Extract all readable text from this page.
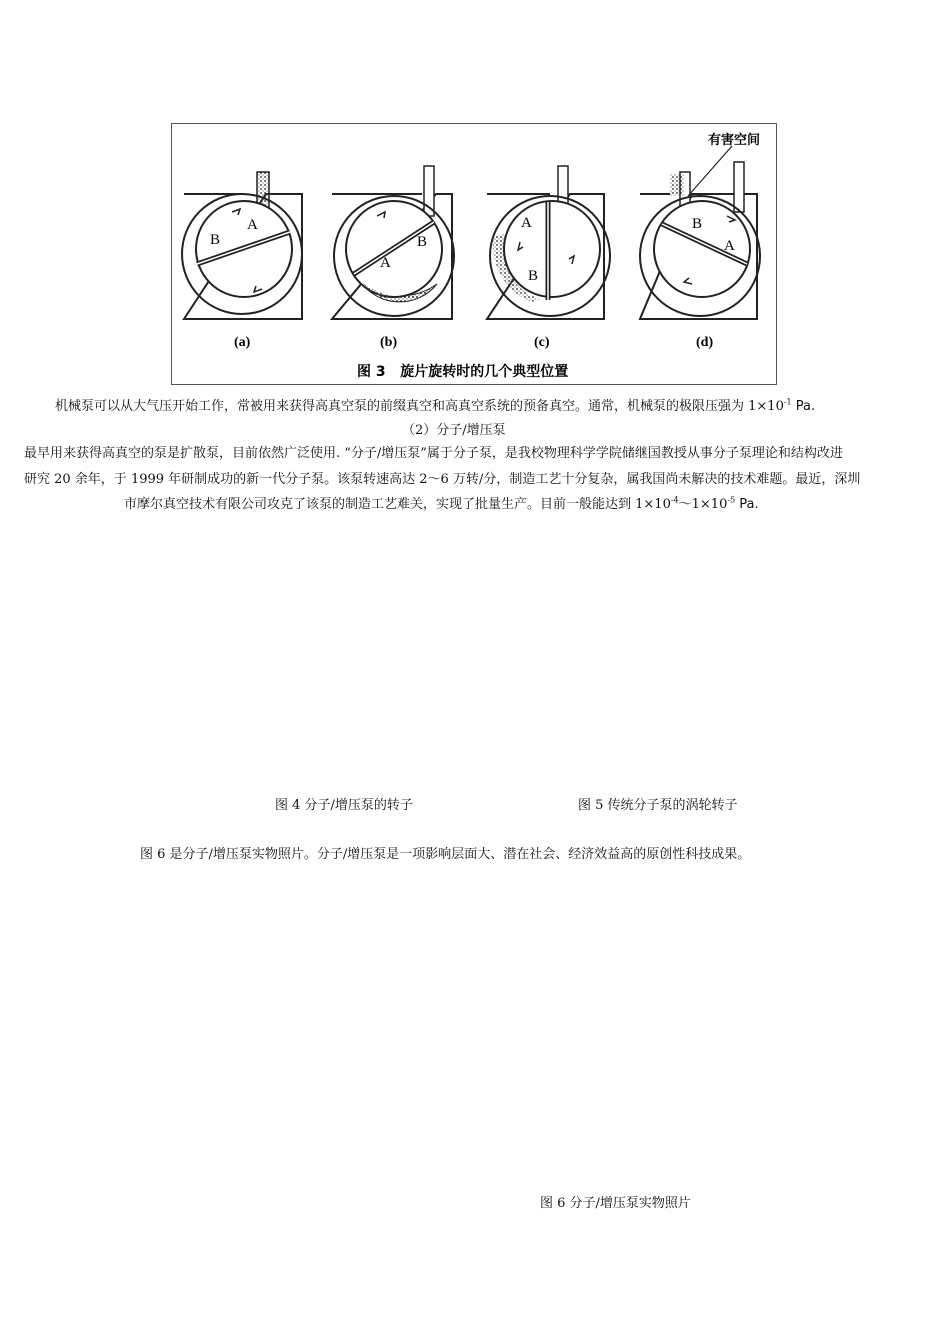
A
B	B
A
A
B
B
A
(a)	(b)	(c)	(d)
有害空间
图 3   旋片旋转时的几个典型位置

机械泵可以从大气压开始工作，常被用来获得高真空泵的前缀真空和高真空系统的预备真空。通常，机械泵的极限压强为 $1\times 10^{-1}$ Pa.

（2）分子/增压泵

最早用来获得高真空的泵是扩散泵，目前依然广泛使用. “分子/增压泵”属于分子泵，是我校物理科学学院储继国教授从事分子泵理论和结构改进

研究 20 余年，于 1999 年研制成功的新一代分子泵。该泵转速高达 2～6 万转/分，制造工艺十分复杂，属我国尚未解决的技术难题。最近，深圳

市摩尔真空技术有限公司攻克了该泵的制造工艺难关，实现了批量生产。目前一般能达到 $1\times 10^{-4}\sim 1\times 10^{-5}$ Pa.

图 4 分子/增压泵的转子	图 5 传统分子泵的涡轮转子

图 6 是分子/增压泵实物照片。分子/增压泵是一项影响层面大、潜在社会、经济效益高的原创性科技成果。

图 6 分子/增压泵实物照片
